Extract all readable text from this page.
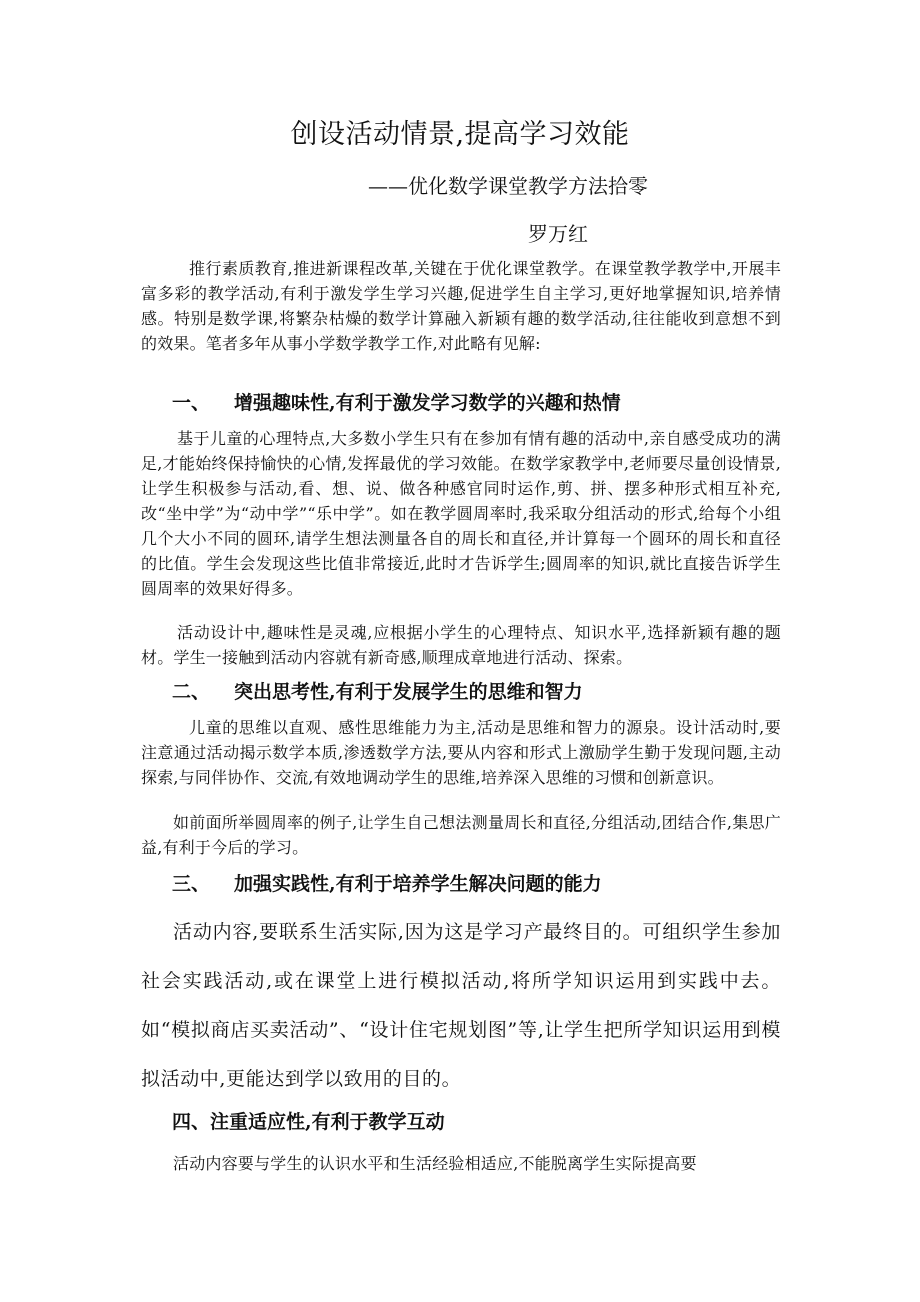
创设活动情景,提高学习效能
——优化数学课堂教学方法拾零
罗万红

推行素质教育,推进新课程改革,关键在于优化课堂教学。在课堂教学教学中,开展丰富多彩的教学活动,有利于激发学生学习兴趣,促进学生自主学习,更好地掌握知识,培养情感。特别是数学课,将繁杂枯燥的数学计算融入新颖有趣的数学活动,往往能收到意想不到的效果。笔者多年从事小学数学教学工作,对此略有见解:

一、 增强趣味性,有利于激发学习数学的兴趣和热情

基于儿童的心理特点,大多数小学生只有在参加有情有趣的活动中,亲自感受成功的满足,才能始终保持愉快的心情,发挥最优的学习效能。在数学家教学中,老师要尽量创设情景,让学生积极参与活动,看、想、说、做各种感官同时运作,剪、拼、摆多种形式相互补充,改“坐中学”为“动中学”“乐中学”。如在教学圆周率时,我采取分组活动的形式,给每个小组几个大小不同的圆环,请学生想法测量各自的周长和直径,并计算每一个圆环的周长和直径的比值。学生会发现这些比值非常接近,此时才告诉学生;圆周率的知识,就比直接告诉学生圆周率的效果好得多。

活动设计中,趣味性是灵魂,应根据小学生的心理特点、知识水平,选择新颖有趣的题材。学生一接触到活动内容就有新奇感,顺理成章地进行活动、探索。

二、 突出思考性,有利于发展学生的思维和智力

儿童的思维以直观、感性思维能力为主,活动是思维和智力的源泉。设计活动时,要注意通过活动揭示数学本质,渗透数学方法,要从内容和形式上激励学生勤于发现问题,主动探索,与同伴协作、交流,有效地调动学生的思维,培养深入思维的习惯和创新意识。

如前面所举圆周率的例子,让学生自己想法测量周长和直径,分组活动,团结合作,集思广益,有利于今后的学习。

三、 加强实践性,有利于培养学生解决问题的能力

活动内容,要联系生活实际,因为这是学习产最终目的。可组织学生参加社会实践活动,或在课堂上进行模拟活动,将所学知识运用到实践中去。如“模拟商店买卖活动”、“设计住宅规划图”等,让学生把所学知识运用到模拟活动中,更能达到学以致用的目的。

四、注重适应性,有利于教学互动

活动内容要与学生的认识水平和生活经验相适应,不能脱离学生实际提高要
